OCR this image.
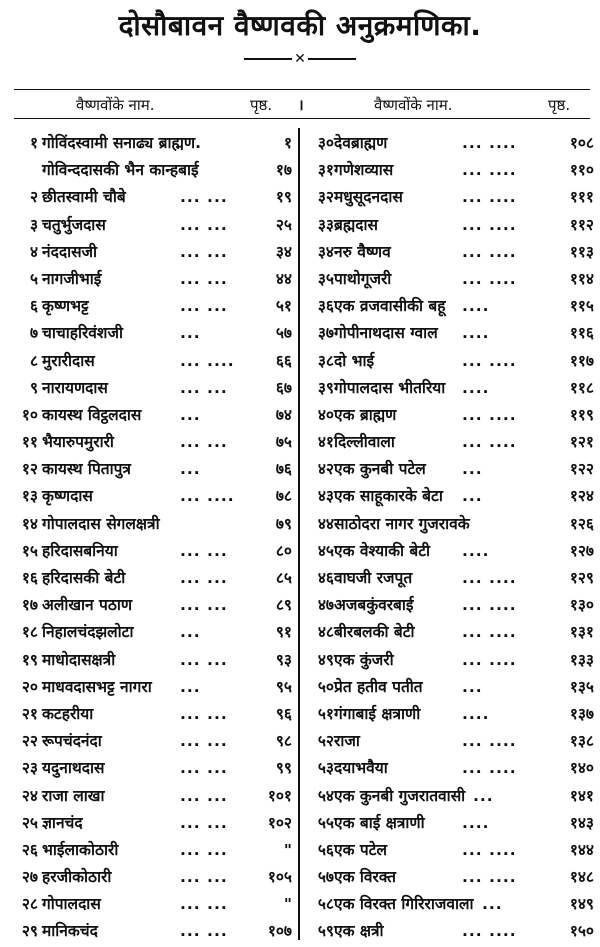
दोसौबावन वैष्णवकी अनुक्रमणिका.
✕
वैष्णवोंके नाम.	पृष्ठ. ।	वैष्णवोंके नाम.	पृष्ठ.
१ गोविंदस्वामी सनाढ्य ब्राह्मण.	१
गोविन्ददासकी भैन कान्हबाई	१७
२ छीतस्वामी चौबे	... ...	१९
३ चतुर्भुजदास	... ...	२५
४ नंददासजी	... ...	३४
५ नागजीभाई	... ...	४४
६ कृष्णभट्ट	... ...	५१
७ चाचाहरिवंशजी	...	५७
८ मुरारीदास	... ....	६६
९ नारायणदास	... ...	६७
१० कायस्थ विट्ठलदास ...	७४
११ भैयारुपमुरारी	... ...	७५
१२ कायस्थ पितापुत्र	...	७६
१३ कृष्णदास	... ....	७८
१४ गोपालदास सेगलक्षत्री	७९
१५ हरिदासबनिया	... ...	८०
१६ हरिदासकी बेटी	... ...	८५
१७ अलीखान पठाण	... ...	८९
१८ निहालचंदझलोटा	...	९१
१९ माधोदासक्षत्री	... ...	९३
२० माधवदासभट्ट नागरा ...	९५
२१ कटहरीया	... ...	९६
२२ रूपचंदनंदा	... ...	९८
२३ यदुनाथदास	... ...	९९
२४ राजा लाखा	... ...	१०१
२५ ज्ञानचंद	... ...	१०२
२६ भाईलाकोठारी	... ...	"
२७ हरजीकोठारी	... ...	१०५
२८ गोपालदास	... ...	"
२९ मानिकचंद	... ...	१०७
३० देवब्राह्मण	... ....	१०८
३१ गणेशव्यास	... ....	११०
३२ मधुसूदनदास	... ....	१११
३३ ब्रह्मदास	... ....	११२
३४ नरु वैष्णव	... ....	११३
३५ पाथोगूजरी	... ....	११४
३६ एक व्रजवासीकी बहू ....	११५
३७ गोपीनाथदास ग्वाल ....	११६
३८ दो भाई	... ....	११७
३९ गोपालदास भीतरिया ....	११८
४० एक ब्राह्मण	... ....	११९
४१ दिल्लीवाला	... ....	१२१
४२ एक कुनबी पटेल ...	१२२
४३ एक साहूकारके बेटा ...	१२४
४४ साठोदरा नागर गुजरावके	१२६
४५ एक वेश्याकी बेटी ....	१२७
४६ वाघजी रजपूत	... ....	१२९
४७ अजबकुंवरबाई	... ....	१३०
४८ बीरबलकी बेटी	... ....	१३१
४९ एक कुंजरी	... ....	१३३
५० प्रेत हतीव पतीत	...	१३५
५१ गंगाबाई क्षत्राणी	....	१३७
५२ राजा	... ....	१३८
५३ दयाभवैया	... ....	१४०
५४ एक कुनबी गुजरातवासी ...	१४१
५५ एक बाई क्षत्राणी ....	१४३
५६ एक पटेल	... ....	१४४
५७ एक विरक्त	... ....	१४८
५८ एक विरक्त गिरिराजवाला ...	१४९
५९ एक क्षत्री	... ....	१५०
